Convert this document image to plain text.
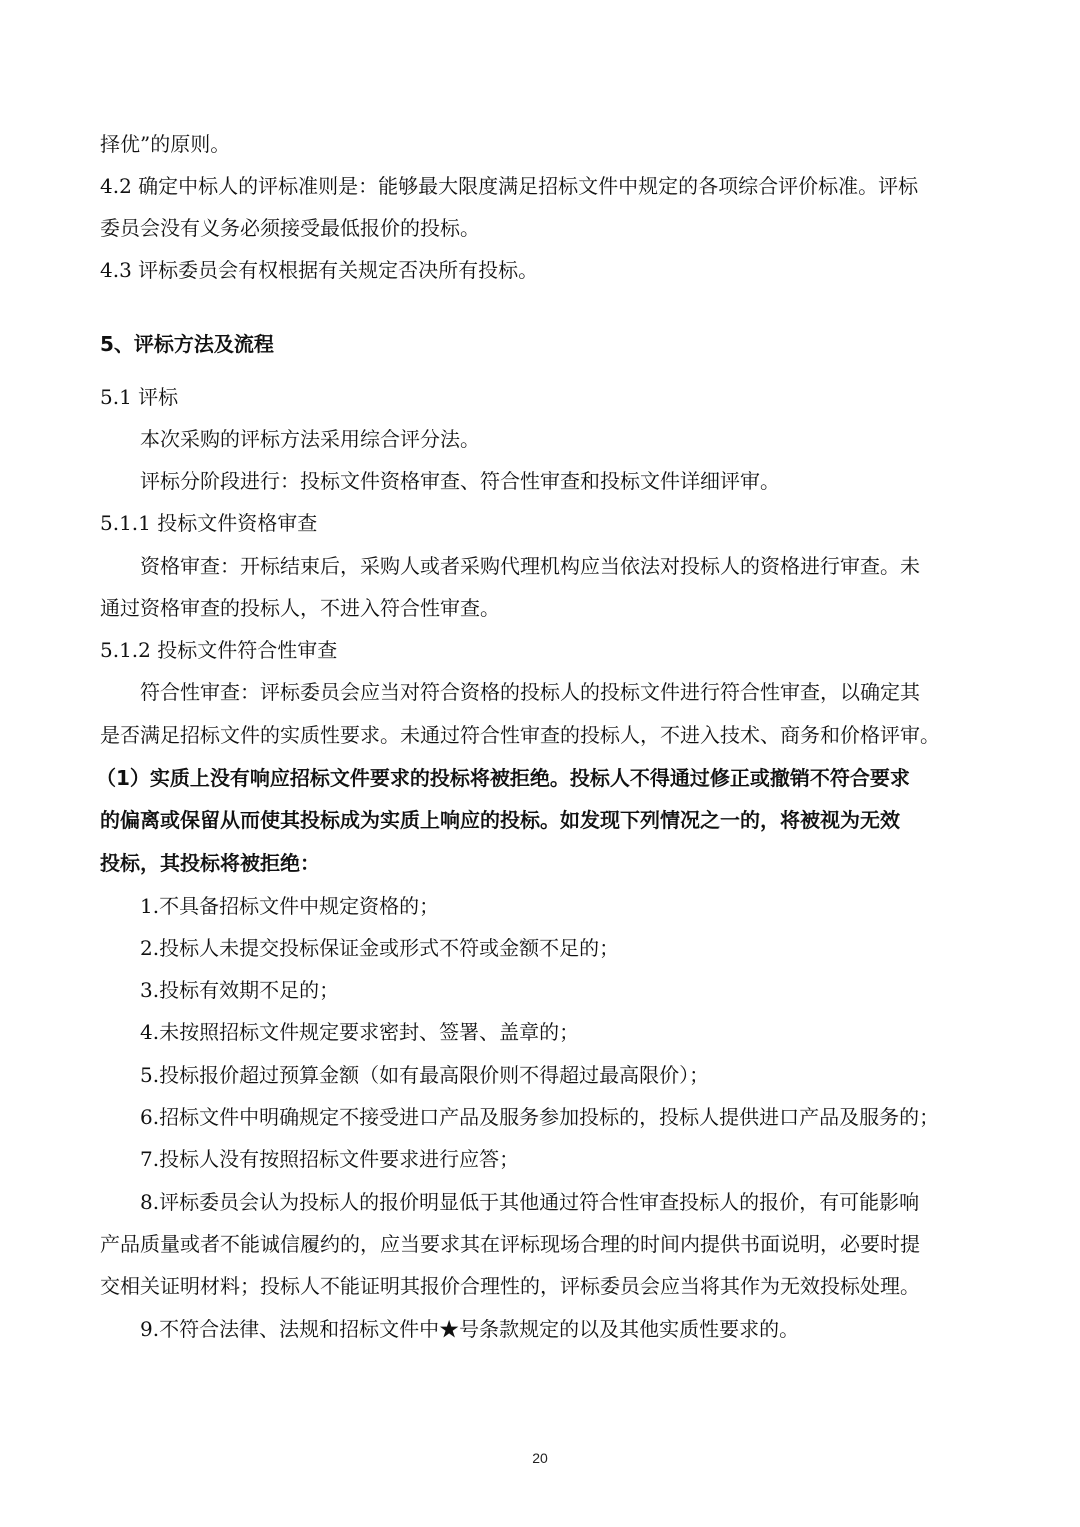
择优”的原则。
4.2 确定中标人的评标准则是：能够最大限度满足招标文件中规定的各项综合评价标准。评标
委员会没有义务必须接受最低报价的投标。
4.3 评标委员会有权根据有关规定否决所有投标。
5、评标方法及流程
5.1 评标
本次采购的评标方法采用综合评分法。
评标分阶段进行：投标文件资格审查、符合性审查和投标文件详细评审。
5.1.1 投标文件资格审查
资格审查：开标结束后，采购人或者采购代理机构应当依法对投标人的资格进行审查。未
通过资格审查的投标人，不进入符合性审查。
5.1.2 投标文件符合性审查
符合性审查：评标委员会应当对符合资格的投标人的投标文件进行符合性审查，以确定其
是否满足招标文件的实质性要求。未通过符合性审查的投标人，不进入技术、商务和价格评审。
（1）实质上没有响应招标文件要求的投标将被拒绝。投标人不得通过修正或撤销不符合要求
的偏离或保留从而使其投标成为实质上响应的投标。如发现下列情况之一的，将被视为无效
投标，其投标将被拒绝：
1.不具备招标文件中规定资格的；
2.投标人未提交投标保证金或形式不符或金额不足的；
3.投标有效期不足的；
4.未按照招标文件规定要求密封、签署、盖章的；
5.投标报价超过预算金额（如有最高限价则不得超过最高限价）；
6.招标文件中明确规定不接受进口产品及服务参加投标的，投标人提供进口产品及服务的；
7.投标人没有按照招标文件要求进行应答；
8.评标委员会认为投标人的报价明显低于其他通过符合性审查投标人的报价，有可能影响
产品质量或者不能诚信履约的，应当要求其在评标现场合理的时间内提供书面说明，必要时提
交相关证明材料；投标人不能证明其报价合理性的，评标委员会应当将其作为无效投标处理。
9.不符合法律、法规和招标文件中★号条款规定的以及其他实质性要求的。
20
